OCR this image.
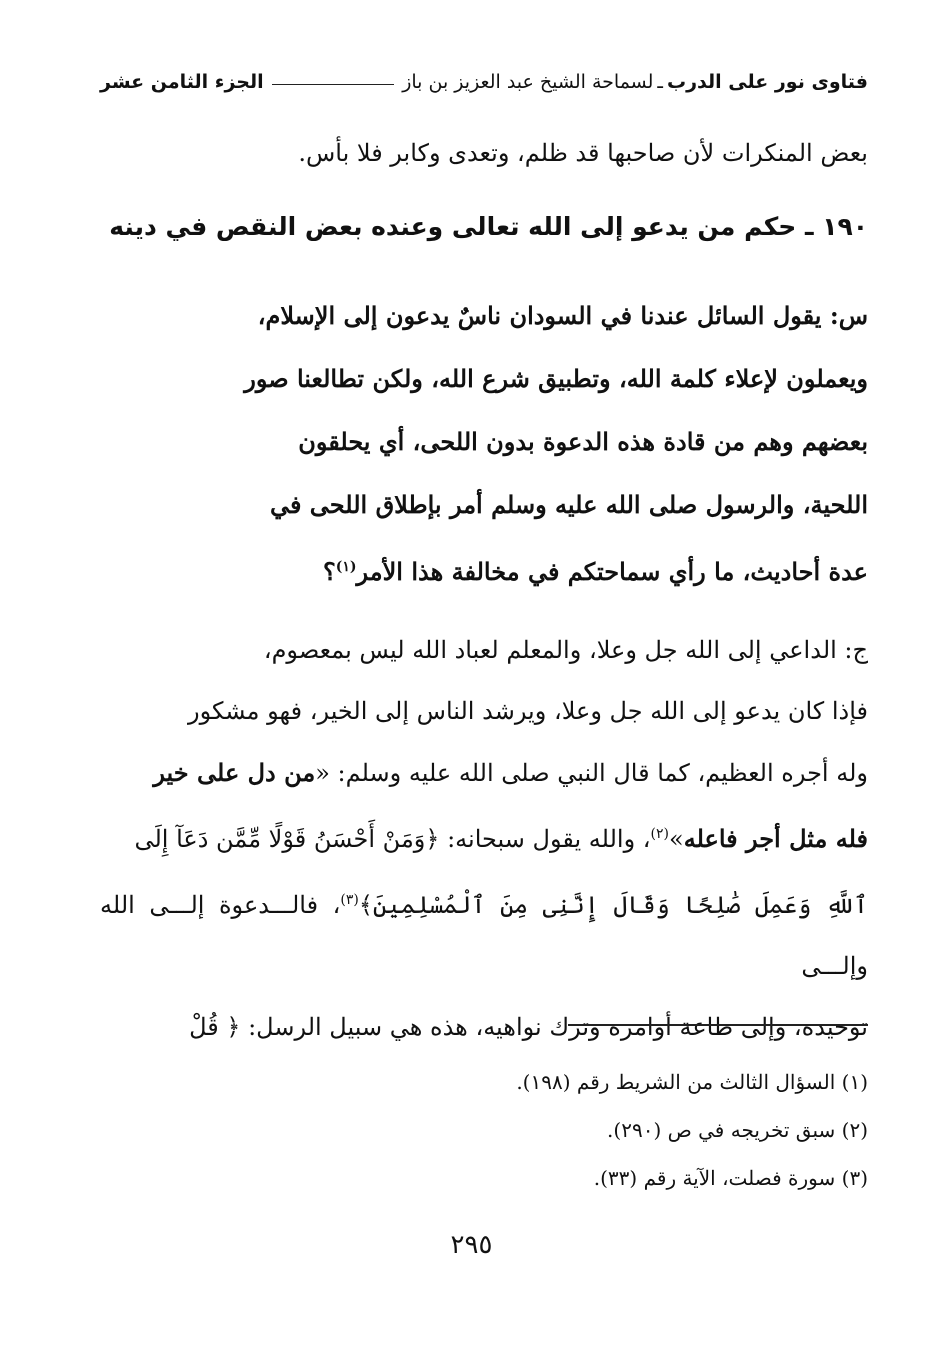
فتاوى نور على الدرب
ـ
لسماحة الشيخ عبد العزيز بن باز
الجزء الثامن عشر
بعض المنكرات لأن صاحبها قد ظلم، وتعدى وكابر فلا بأس.
١٩٠ ـ حكم من يدعو إلى الله تعالى وعنده بعض النقص في دينه
س: يقول السائل عندنا في السودان ناسٌ يدعون إلى الإسلام،
ويعملون لإعلاء كلمة الله، وتطبيق شرع الله، ولكن تطالعنا صور
بعضهم وهم من قادة هذه الدعوة بدون اللحى، أي يحلقون
اللحية، والرسول صلى الله عليه وسلم أمر بإطلاق اللحى في
عدة أحاديث، ما رأي سماحتكم في مخالفة هذا الأمر$^{(١)}$؟
ج: الداعي إلى الله جل وعلا، والمعلم لعباد الله ليس بمعصوم،
فإذا كان يدعو إلى الله جل وعلا، ويرشد الناس إلى الخير، فهو مشكور
وله أجره العظيم، كما قال النبي صلى الله عليه وسلم: «من دل على خير
فله مثل أجر فاعله»$^{(٢)}$، والله يقول سبحانه: ﴿وَمَنْ أَحْسَنُ قَوْلًا مِّمَّن دَعَآ إِلَى
ٱللَّهِ وَعَمِلَ صَٰلِحًا وَقَالَ إِنَّنِى مِنَ ٱلْمُسْلِمِينَ﴾$^{(٣)}$، فالـــدعوة إلـــى الله وإلـــى
توحيده، وإلى طاعة أوامره وترك نواهيه، هذه هي سبيل الرسل: ﴿ قُلْ
(١) السؤال الثالث من الشريط رقم (١٩٨).
(٢) سبق تخريجه في ص (٢٩٠).
(٣) سورة فصلت، الآية رقم (٣٣).
٢٩٥
